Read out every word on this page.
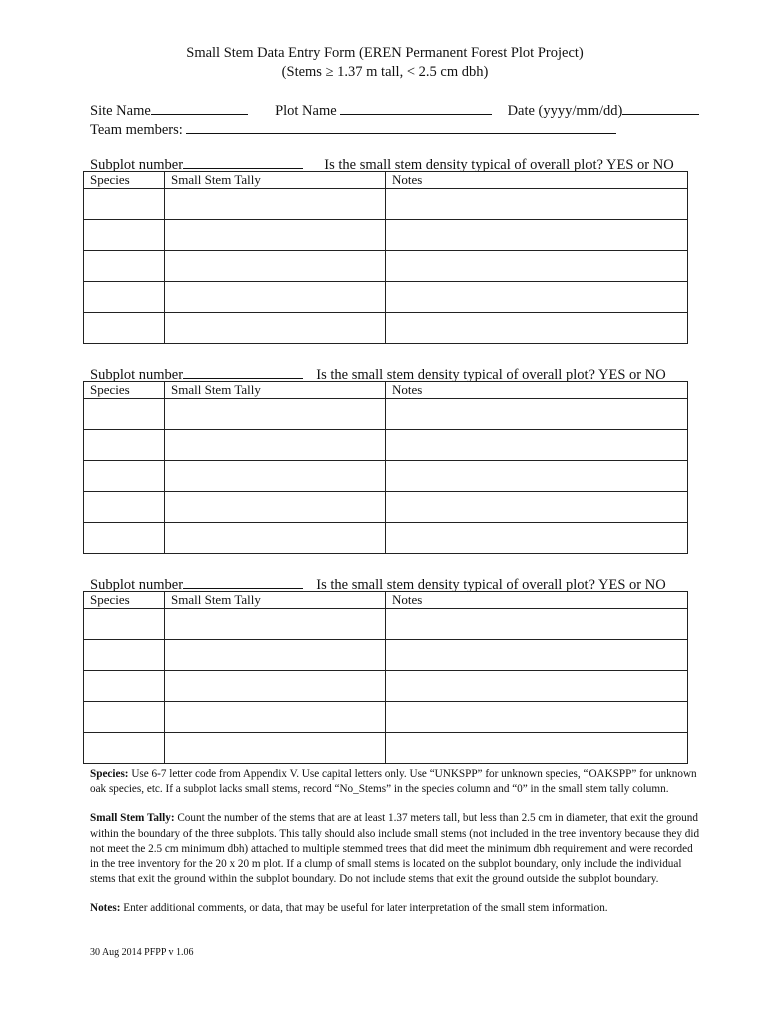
Small Stem Data Entry Form (EREN Permanent Forest Plot Project)
(Stems ≥ 1.37 m tall, < 2.5 cm dbh)
Site Name	Plot Name	Date (yyyy/mm/dd)
Team members:
Subplot number	Is the small stem density typical of overall plot? YES or NO
Species	Small Stem Tally	Notes

Subplot number	Is the small stem density typical of overall plot? YES or NO
Species	Small Stem Tally	Notes

Subplot number	Is the small stem density typical of overall plot? YES or NO
Species	Small Stem Tally	Notes

Species: Use 6-7 letter code from Appendix V. Use capital letters only. Use “UNKSPP” for unknown species, “OAKSPP” for unknown oak species, etc. If a subplot lacks small stems, record “No_Stems” in the species column and “0” in the small stem tally column.

Small Stem Tally: Count the number of the stems that are at least 1.37 meters tall, but less than 2.5 cm in diameter, that exit the ground within the boundary of the three subplots. This tally should also include small stems (not included in the tree inventory because they did not meet the 2.5 cm minimum dbh) attached to multiple stemmed trees that did meet the minimum dbh requirement and were recorded in the tree inventory for the 20 x 20 m plot. If a clump of small stems is located on the subplot boundary, only include the individual stems that exit the ground within the subplot boundary. Do not include stems that exit the ground outside the subplot boundary.

Notes: Enter additional comments, or data, that may be useful for later interpretation of the small stem information.

30 Aug 2014 PFPP v 1.06
